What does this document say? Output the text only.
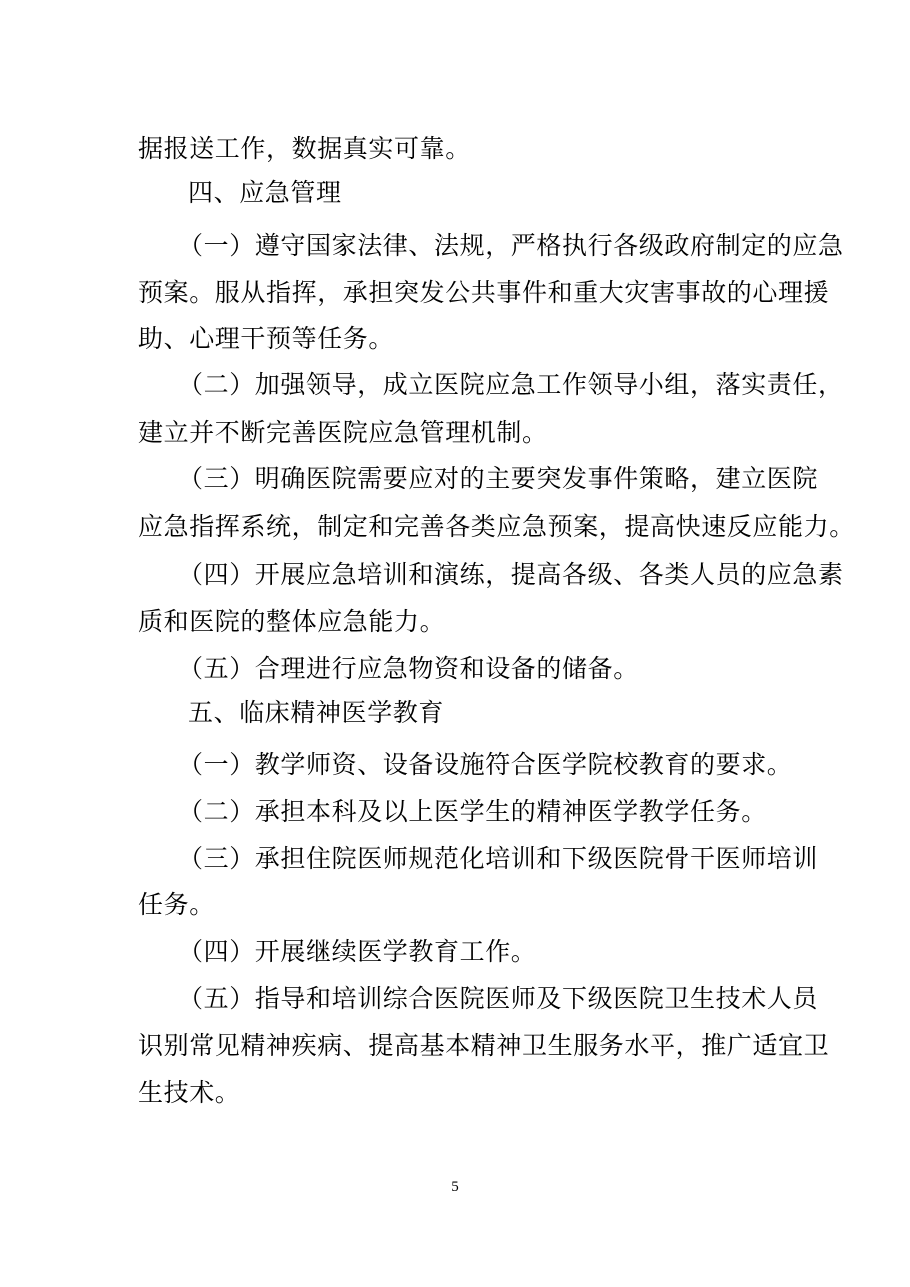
据报送工作，数据真实可靠。
四、应急管理
（一）遵守国家法律、法规，严格执行各级政府制定的应急
预案。服从指挥，承担突发公共事件和重大灾害事故的心理援
助、心理干预等任务。
（二）加强领导，成立医院应急工作领导小组，落实责任，
建立并不断完善医院应急管理机制。
（三）明确医院需要应对的主要突发事件策略，建立医院
应急指挥系统，制定和完善各类应急预案，提高快速反应能力。
（四）开展应急培训和演练，提高各级、各类人员的应急素
质和医院的整体应急能力。
（五）合理进行应急物资和设备的储备。
五、临床精神医学教育
（一）教学师资、设备设施符合医学院校教育的要求。
（二）承担本科及以上医学生的精神医学教学任务。
（三）承担住院医师规范化培训和下级医院骨干医师培训
任务。
（四）开展继续医学教育工作。
（五）指导和培训综合医院医师及下级医院卫生技术人员
识别常见精神疾病、提高基本精神卫生服务水平，推广适宜卫
生技术。
5
